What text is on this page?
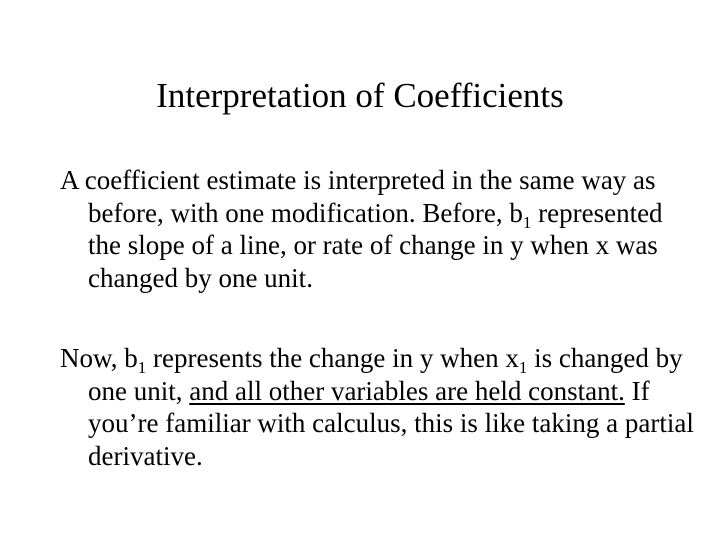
Interpretation of Coefficients

A coefficient estimate is interpreted in the same way as before, with one modification. Before, $b_1$ represented the slope of a line, or rate of change in y when x was changed by one unit.

Now, $b_1$ represents the change in y when $x_1$ is changed by one unit, and all other variables are held constant. If you’re familiar with calculus, this is like taking a partial derivative.
